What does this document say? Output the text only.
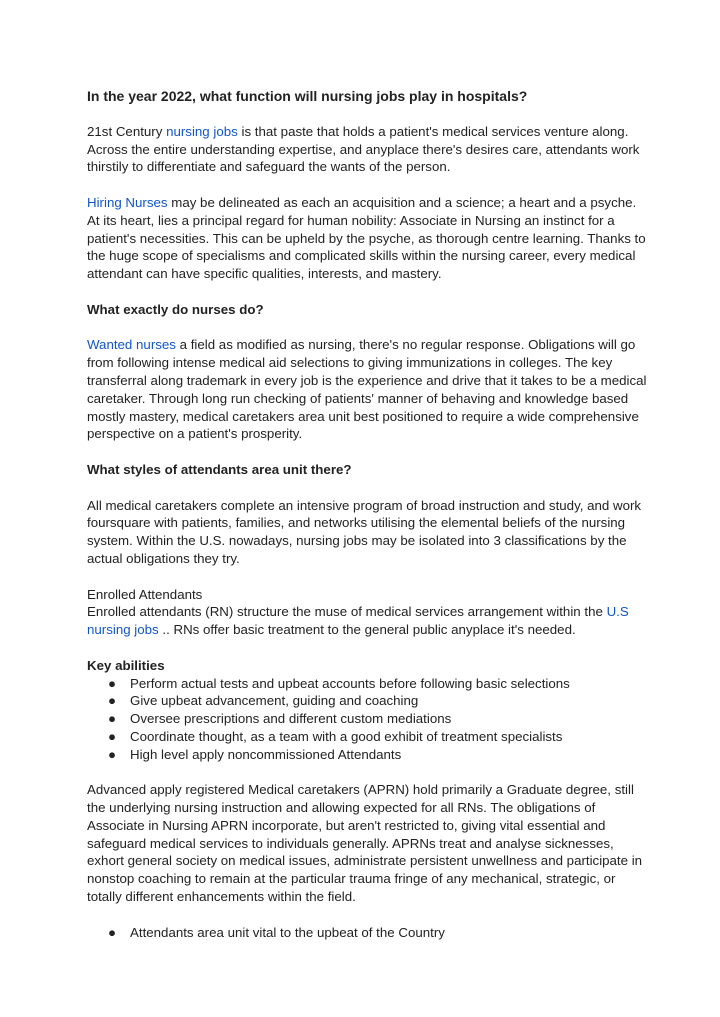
In the year 2022, what function will nursing jobs play in hospitals?

21st Century nursing jobs is that paste that holds a patient's medical services venture along. Across the entire understanding expertise, and anyplace there's desires care, attendants work thirstily to differentiate and safeguard the wants of the person.

Hiring Nurses may be delineated as each an acquisition and a science; a heart and a psyche. At its heart, lies a principal regard for human nobility: Associate in Nursing an instinct for a patient's necessities. This can be upheld by the psyche, as thorough centre learning. Thanks to the huge scope of specialisms and complicated skills within the nursing career, every medical attendant can have specific qualities, interests, and mastery.

What exactly do nurses do?

Wanted nurses a field as modified as nursing, there's no regular response. Obligations will go from following intense medical aid selections to giving immunizations in colleges. The key transferral along trademark in every job is the experience and drive that it takes to be a medical caretaker. Through long run checking of patients' manner of behaving and knowledge based mostly mastery, medical caretakers area unit best positioned to require a wide comprehensive perspective on a patient's prosperity.

What styles of attendants area unit there?

All medical caretakers complete an intensive program of broad instruction and study, and work foursquare with patients, families, and networks utilising the elemental beliefs of the nursing system. Within the U.S. nowadays, nursing jobs may be isolated into 3 classifications by the actual obligations they try.

Enrolled Attendants

Enrolled attendants (RN) structure the muse of medical services arrangement within the U.S nursing jobs .. RNs offer basic treatment to the general public anyplace it's needed.

Key abilities

● Perform actual tests and upbeat accounts before following basic selections
● Give upbeat advancement, guiding and coaching
● Oversee prescriptions and different custom mediations
● Coordinate thought, as a team with a good exhibit of treatment specialists
● High level apply noncommissioned Attendants

Advanced apply registered Medical caretakers (APRN) hold primarily a Graduate degree, still the underlying nursing instruction and allowing expected for all RNs. The obligations of Associate in Nursing APRN incorporate, but aren't restricted to, giving vital essential and safeguard medical services to individuals generally. APRNs treat and analyse sicknesses, exhort general society on medical issues, administrate persistent unwellness and participate in nonstop coaching to remain at the particular trauma fringe of any mechanical, strategic, or totally different enhancements within the field.

● Attendants area unit vital to the upbeat of the Country
